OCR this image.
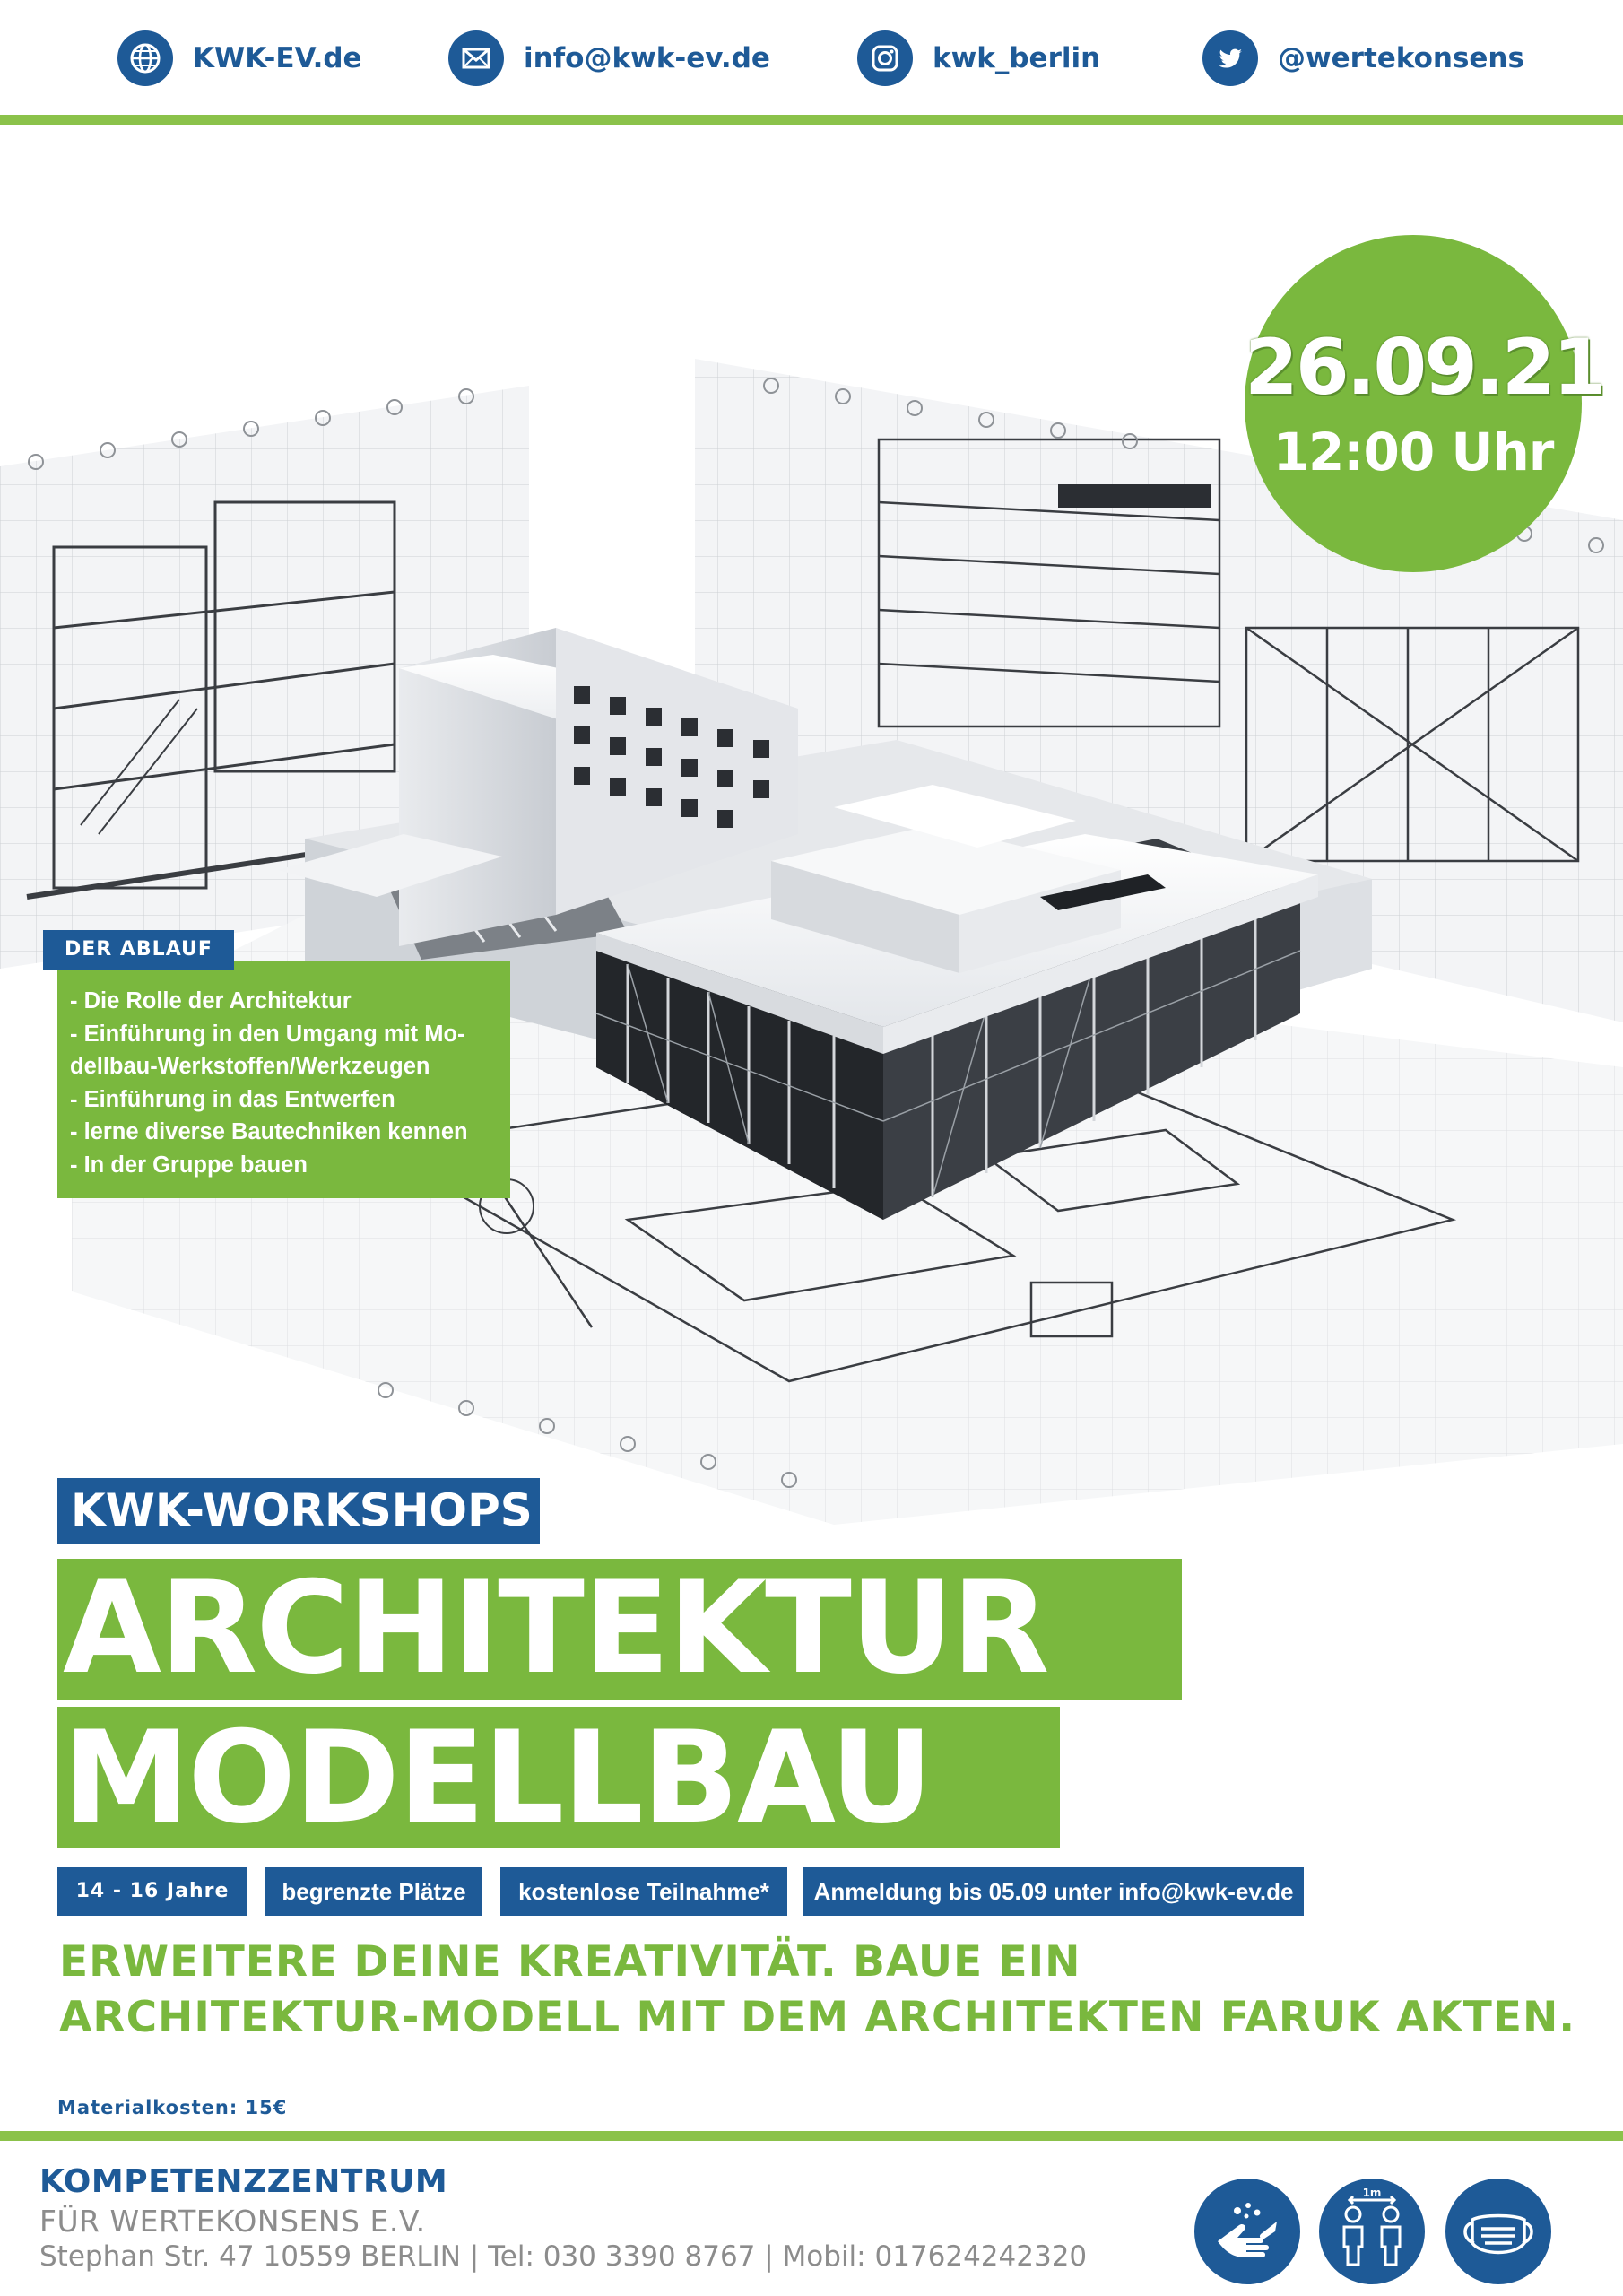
KWK-EV.de	info@kwk-ev.de	kwk_berlin	@wertekonsens
26.09.21
12:00 Uhr
- Die Rolle der Architektur
- Einführung in den Umgang mit Mo-
dellbau-Werkstoffen/Werkzeugen
- Einführung in das Entwerfen
- lerne diverse Bautechniken kennen
- In der Gruppe bauen
DER ABLAUF
KWK-WORKSHOPS
ARCHITEKTUR
MODELLBAU
14 - 16 Jahre	begrenzte Plätze	kostenlose Teilnahme*	Anmeldung bis 05.09 unter info@kwk-ev.de
ERWEITERE DEINE KREATIVITÄT. BAUE EIN
ARCHITEKTUR-MODELL MIT DEM ARCHITEKTEN FARUK AKTEN.
Materialkosten: 15€
KOMPETENZZENTRUM
FÜR WERTEKONSENS E.V.
Stephan Str. 47 10559 BERLIN | Tel: 030 3390 8767 | Mobil: 017624242320
1m
